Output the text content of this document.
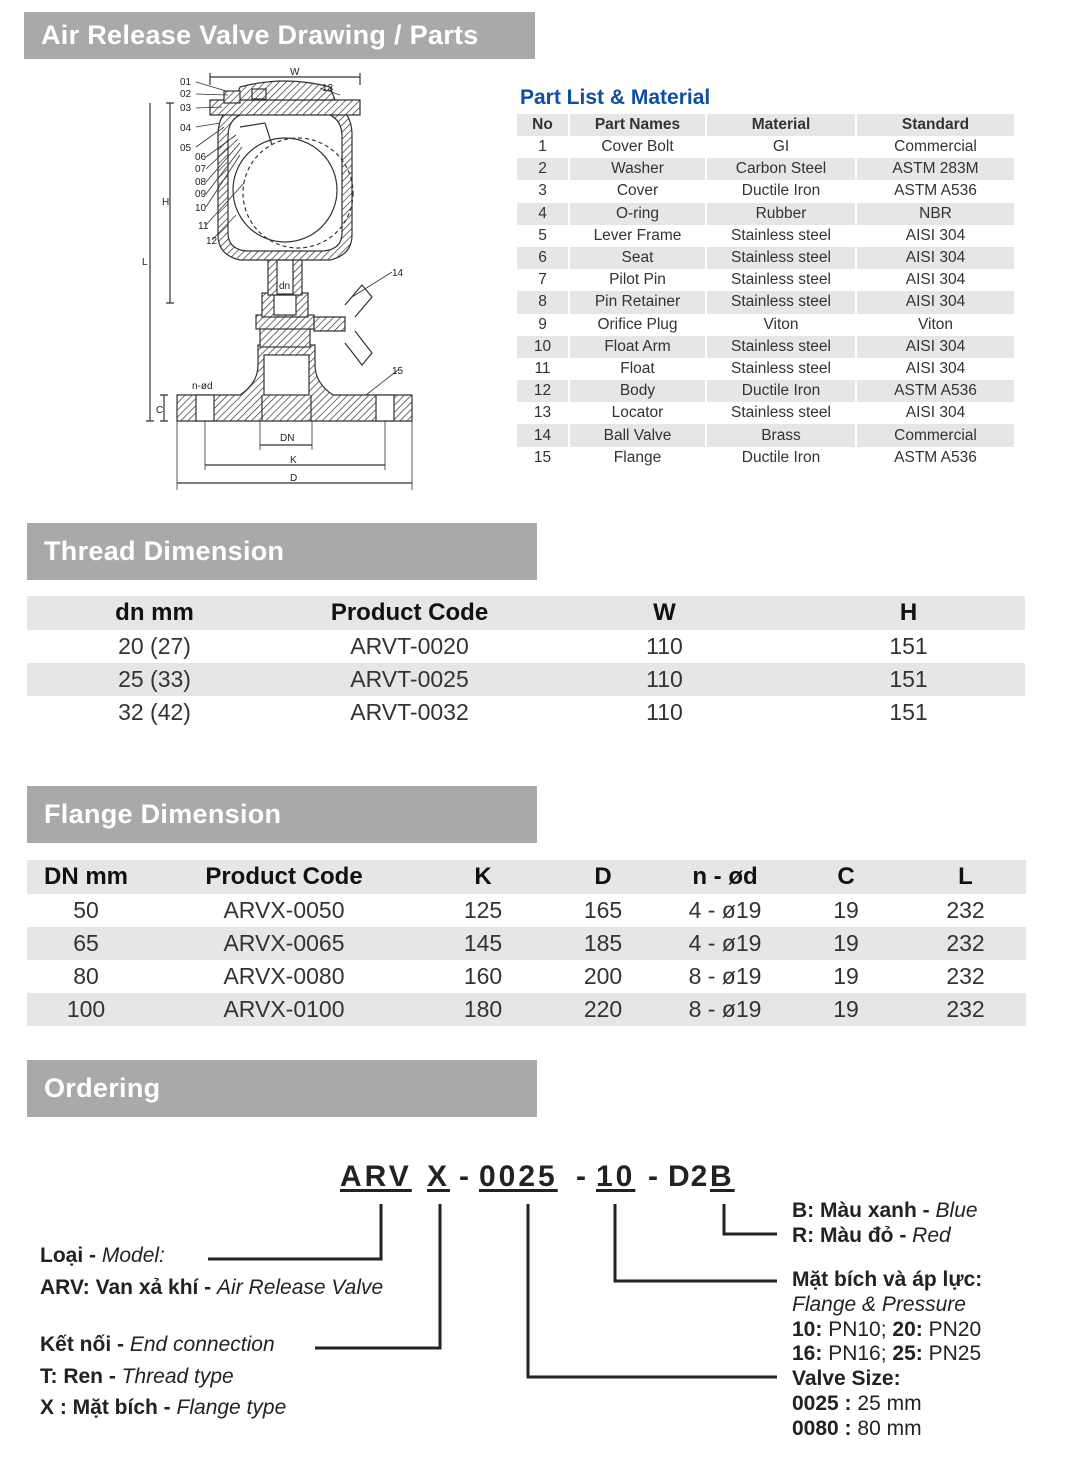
Air Release Valve Drawing / Parts
Thread Dimension
Flange Dimension
Ordering
01
02
03
04
05
06
07
08
09
10
11
12
13
14
15
W
H
L
dn
DN
K
D
C
n-ød
Part List & Material
No	Part Names	Material	Standard
1	Cover Bolt	GI	Commercial
2	Washer	Carbon Steel	ASTM 283M
3	Cover	Ductile Iron	ASTM A536
4	O-ring	Rubber	NBR
5	Lever Frame	Stainless steel	AISI 304
6	Seat	Stainless steel	AISI 304
7	Pilot Pin	Stainless steel	AISI 304
8	Pin Retainer	Stainless steel	AISI 304
9	Orifice Plug	Viton	Viton
10	Float Arm	Stainless steel	AISI 304
11	Float	Stainless steel	AISI 304
12	Body	Ductile Iron	ASTM A536
13	Locator	Stainless steel	AISI 304
14	Ball Valve	Brass	Commercial
15	Flange	Ductile Iron	ASTM A536
dn mm	Product Code	W	H
20 (27)	ARVT-0020	110	151
25 (33)	ARVT-0025	110	151
32 (42)	ARVT-0032	110	151
DN mm	Product Code	K	D	n - ød	C	L
50	ARVX-0050	125	165	4 - ø19	19	232
65	ARVX-0065	145	185	4 - ø19	19	232
80	ARVX-0080	160	200	8 - ø19	19	232
100	ARVX-0100	180	220	8 - ø19	19	232
ARV X - 0025 - 10 - D2 B
Loại - Model:
ARV: Van xả khí - Air Release Valve
Kết nối - End connection
T: Ren - Thread type
X : Mặt bích - Flange type
B: Màu xanh - Blue
R: Màu đỏ - Red
Mặt bích và áp lực:
Flange & Pressure
10: PN10; 20: PN20
16: PN16; 25: PN25
Valve Size:
0025 : 25 mm
0080 : 80 mm
